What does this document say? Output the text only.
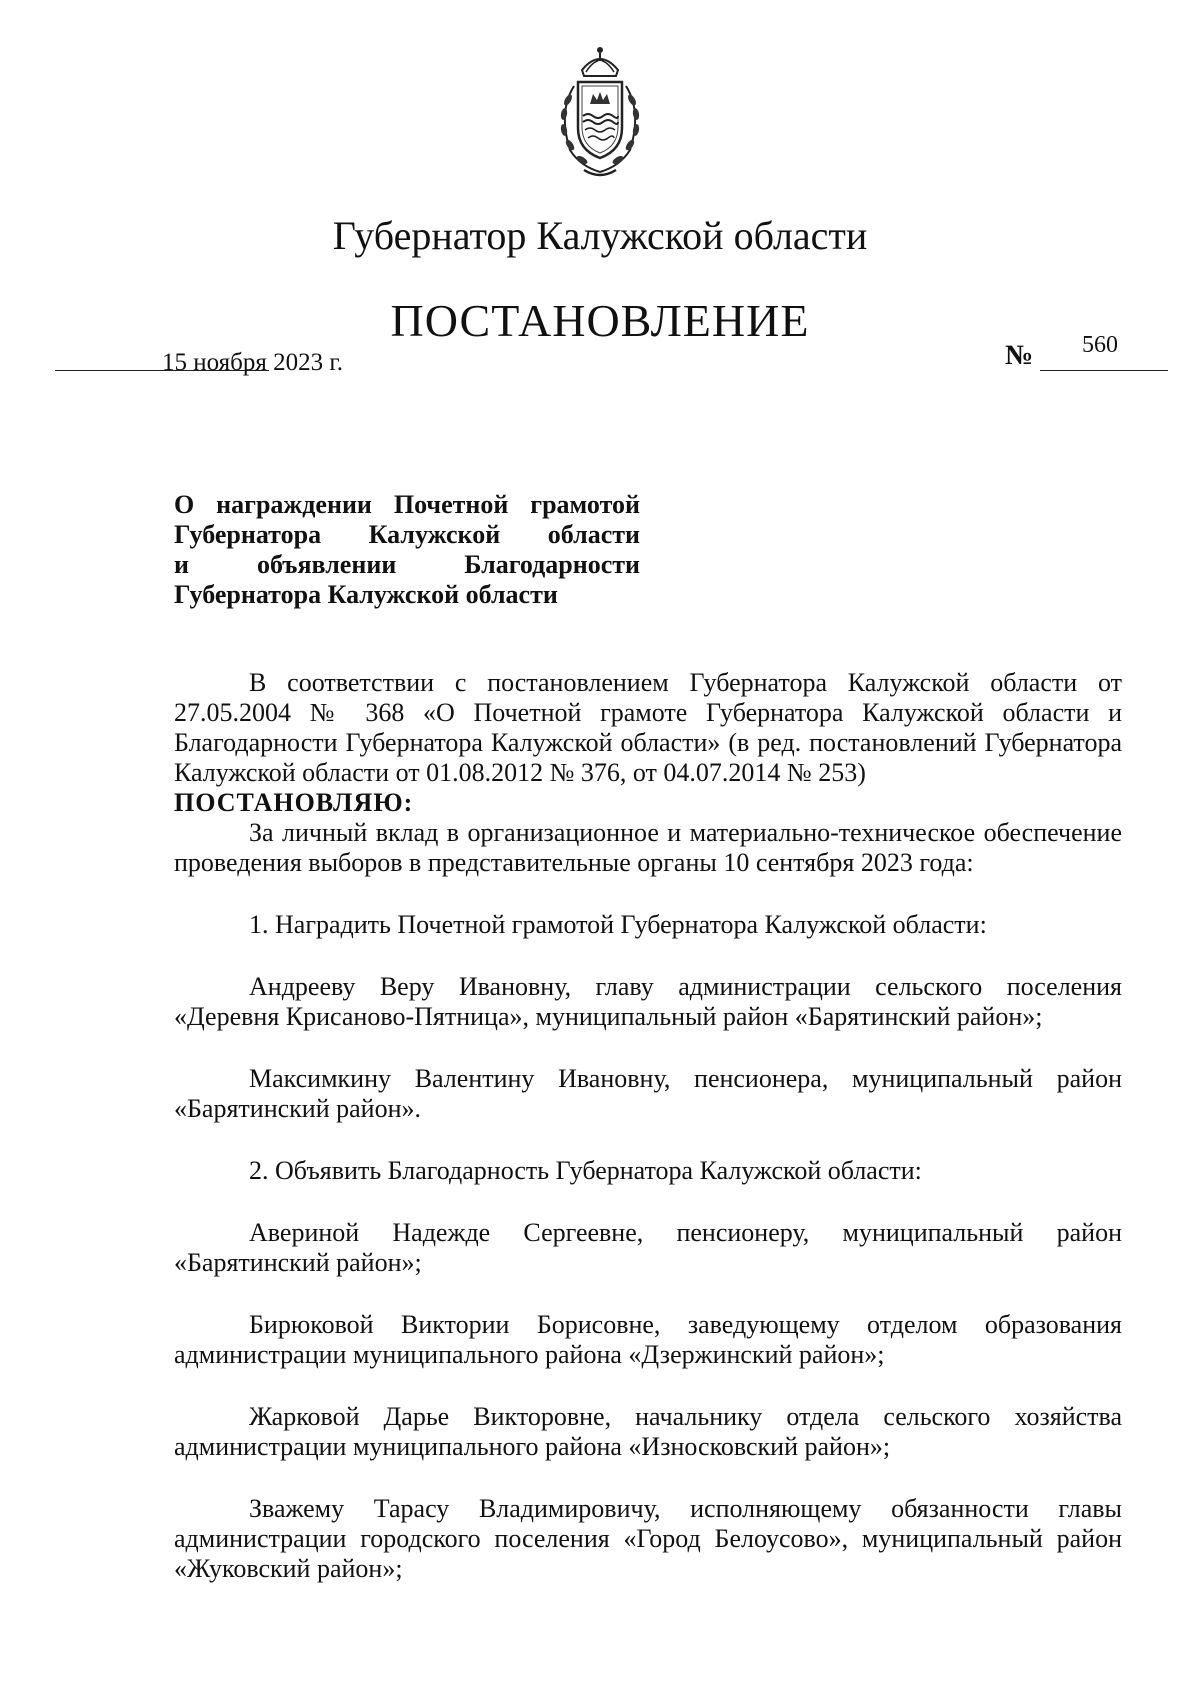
Губернатор Калужской области
ПОСТАНОВЛЕНИЕ
15 ноября 2023 г.	№ 560
О награждении Почетной грамотой
Губернатора Калужской области
и объявлении Благодарности
Губернатора Калужской области

В соответствии с постановлением Губернатора Калужской области от 27.05.2004 № 368 «О Почетной грамоте Губернатора Калужской области и Благодарности Губернатора Калужской области» (в ред. постановлений Губернатора Калужской области от 01.08.2012 № 376, от 04.07.2014 № 253)

ПОСТАНОВЛЯЮ:

За личный вклад в организационное и материально-техническое обеспечение проведения выборов в представительные органы 10 сентября 2023 года:

1. Наградить Почетной грамотой Губернатора Калужской области:

Андрееву Веру Ивановну, главу администрации сельского поселения «Деревня Крисаново-Пятница», муниципальный район «Барятинский район»;

Максимкину Валентину Ивановну, пенсионера, муниципальный район «Барятинский район».

2. Объявить Благодарность Губернатора Калужской области:

Авериной Надежде Сергеевне, пенсионеру, муниципальный район «Барятинский район»;

Бирюковой Виктории Борисовне, заведующему отделом образования администрации муниципального района «Дзержинский район»;

Жарковой Дарье Викторовне, начальнику отдела сельского хозяйства администрации муниципального района «Износковский район»;

Зважему Тарасу Владимировичу, исполняющему обязанности главы администрации городского поселения «Город Белоусово», муниципальный район «Жуковский район»;
